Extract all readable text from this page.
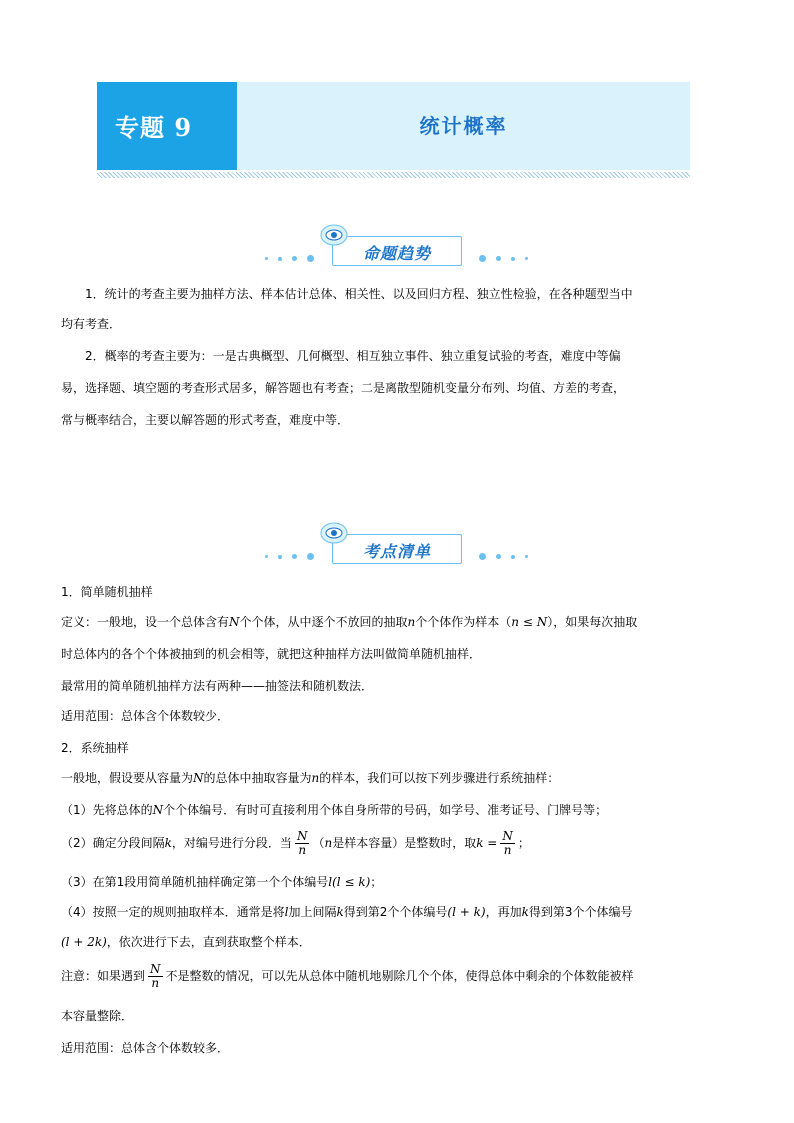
专题 9	统计概率
命题趋势

1．统计的考查主要为抽样方法、样本估计总体、相关性、以及回归方程、独立性检验，在各种题型当中

均有考查．

2．概率的考查主要为：一是古典概型、几何概型、相互独立事件、独立重复试验的考查，难度中等偏

易，选择题、填空题的考查形式居多，解答题也有考查；二是离散型随机变量分布列、均值、方差的考查，

常与概率结合，主要以解答题的形式考查，难度中等．

考点清单

1．简单随机抽样

定义：一般地，设一个总体含有N个个体，从中逐个不放回的抽取n个个体作为样本（n ≤ N），如果每次抽取

时总体内的各个个体被抽到的机会相等，就把这种抽样方法叫做简单随机抽样．

最常用的简单随机抽样方法有两种——抽签法和随机数法．

适用范围：总体含个体数较少．

2．系统抽样

一般地，假设要从容量为N的总体中抽取容量为n的样本，我们可以按下列步骤进行系统抽样：

（1）先将总体的N个个体编号．有时可直接利用个体自身所带的号码，如学号、准考证号、门牌号等；

（2）确定分段间隔k，对编号进行分段．当 $\frac{N}{n} (n$是样本容量）是整数时，取$k = \frac{N}{n}$ ；

（3）在第1段用简单随机抽样确定第一个个体编号l(l ≤ k)；

（4）按照一定的规则抽取样本．通常是将l加上间隔k得到第2个个体编号(l + k)，再加k得到第3个个体编号

(l + 2k)，依次进行下去，直到获取整个样本．

注意：如果遇到 $\frac{N}{n}$ 不是整数的情况，可以先从总体中随机地剔除几个个体，使得总体中剩余的个体数能被样

本容量整除．

适用范围：总体含个体数较多．
